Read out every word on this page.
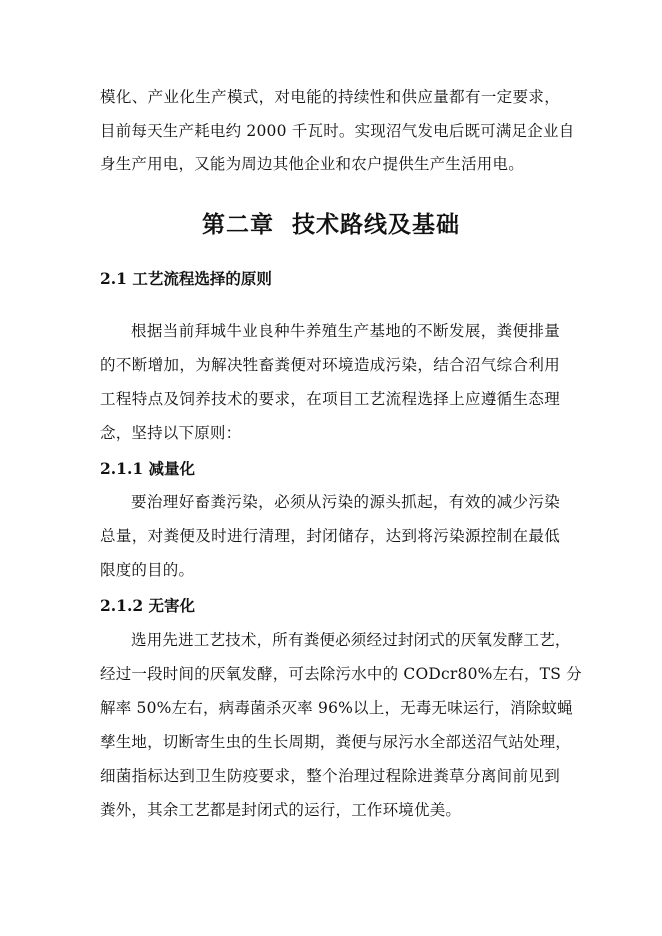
模化、产业化生产模式，对电能的持续性和供应量都有一定要求，
目前每天生产耗电约 2000 千瓦时。实现沼气发电后既可满足企业自
身生产用电，又能为周边其他企业和农户提供生产生活用电。
第二章  技术路线及基础
2.1 工艺流程选择的原则
根据当前拜城牛业良种牛养殖生产基地的不断发展，粪便排量
的不断增加，为解决牲畜粪便对环境造成污染，结合沼气综合利用
工程特点及饲养技术的要求，在项目工艺流程选择上应遵循生态理
念，坚持以下原则：
2.1.1 减量化
要治理好畜粪污染，必须从污染的源头抓起，有效的减少污染
总量，对粪便及时进行清理，封闭储存，达到将污染源控制在最低
限度的目的。
2.1.2 无害化
选用先进工艺技术，所有粪便必须经过封闭式的厌氧发酵工艺，
经过一段时间的厌氧发酵，可去除污水中的 CODcr80%左右，TS 分
解率 50%左右，病毒菌杀灭率 96%以上，无毒无味运行，消除蚊蝇
孳生地，切断寄生虫的生长周期，粪便与尿污水全部送沼气站处理，
细菌指标达到卫生防疫要求，整个治理过程除进粪草分离间前见到
粪外，其余工艺都是封闭式的运行，工作环境优美。
